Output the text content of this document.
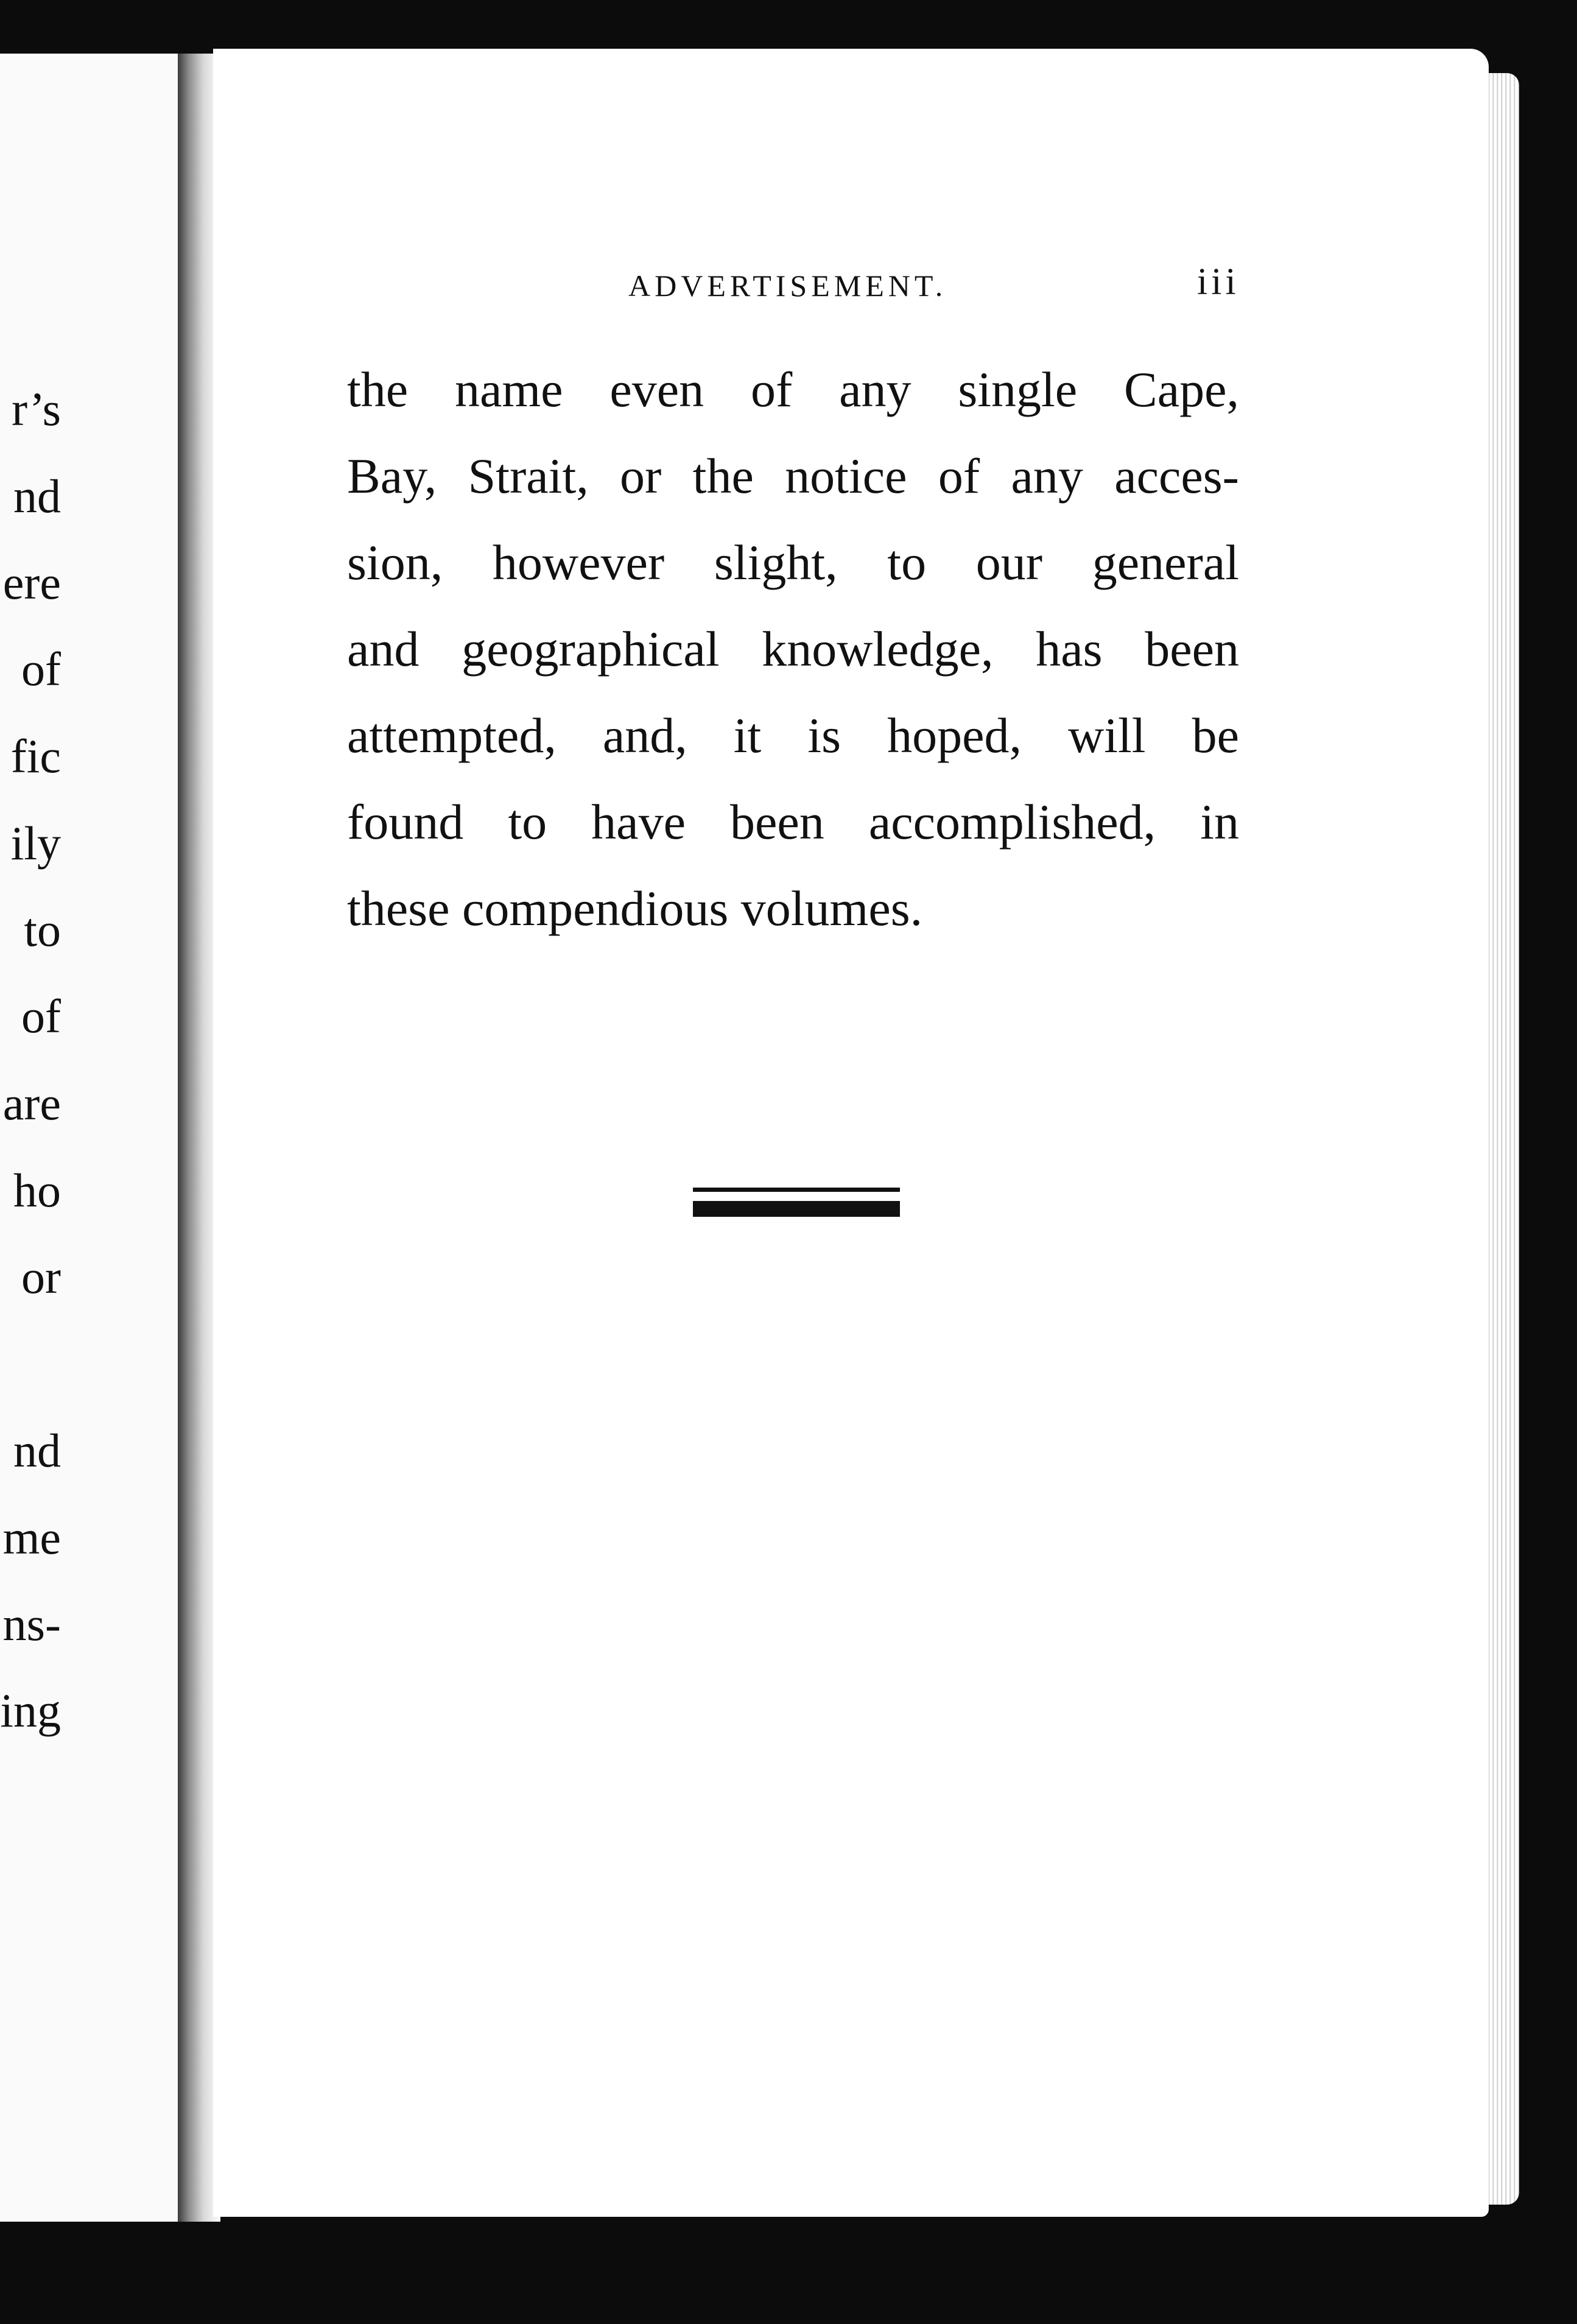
r’s
nd
ere
of
fic
ily
to
of
are
ho
or
nd
me
ns-
ing
ADVERTISEMENT.	iii
the name even of any single Cape,
Bay, Strait, or the notice of any acces-
sion, however slight, to our general
and geographical knowledge, has been
attempted, and, it is hoped, will be
found to have been accomplished, in
these compendious volumes.
